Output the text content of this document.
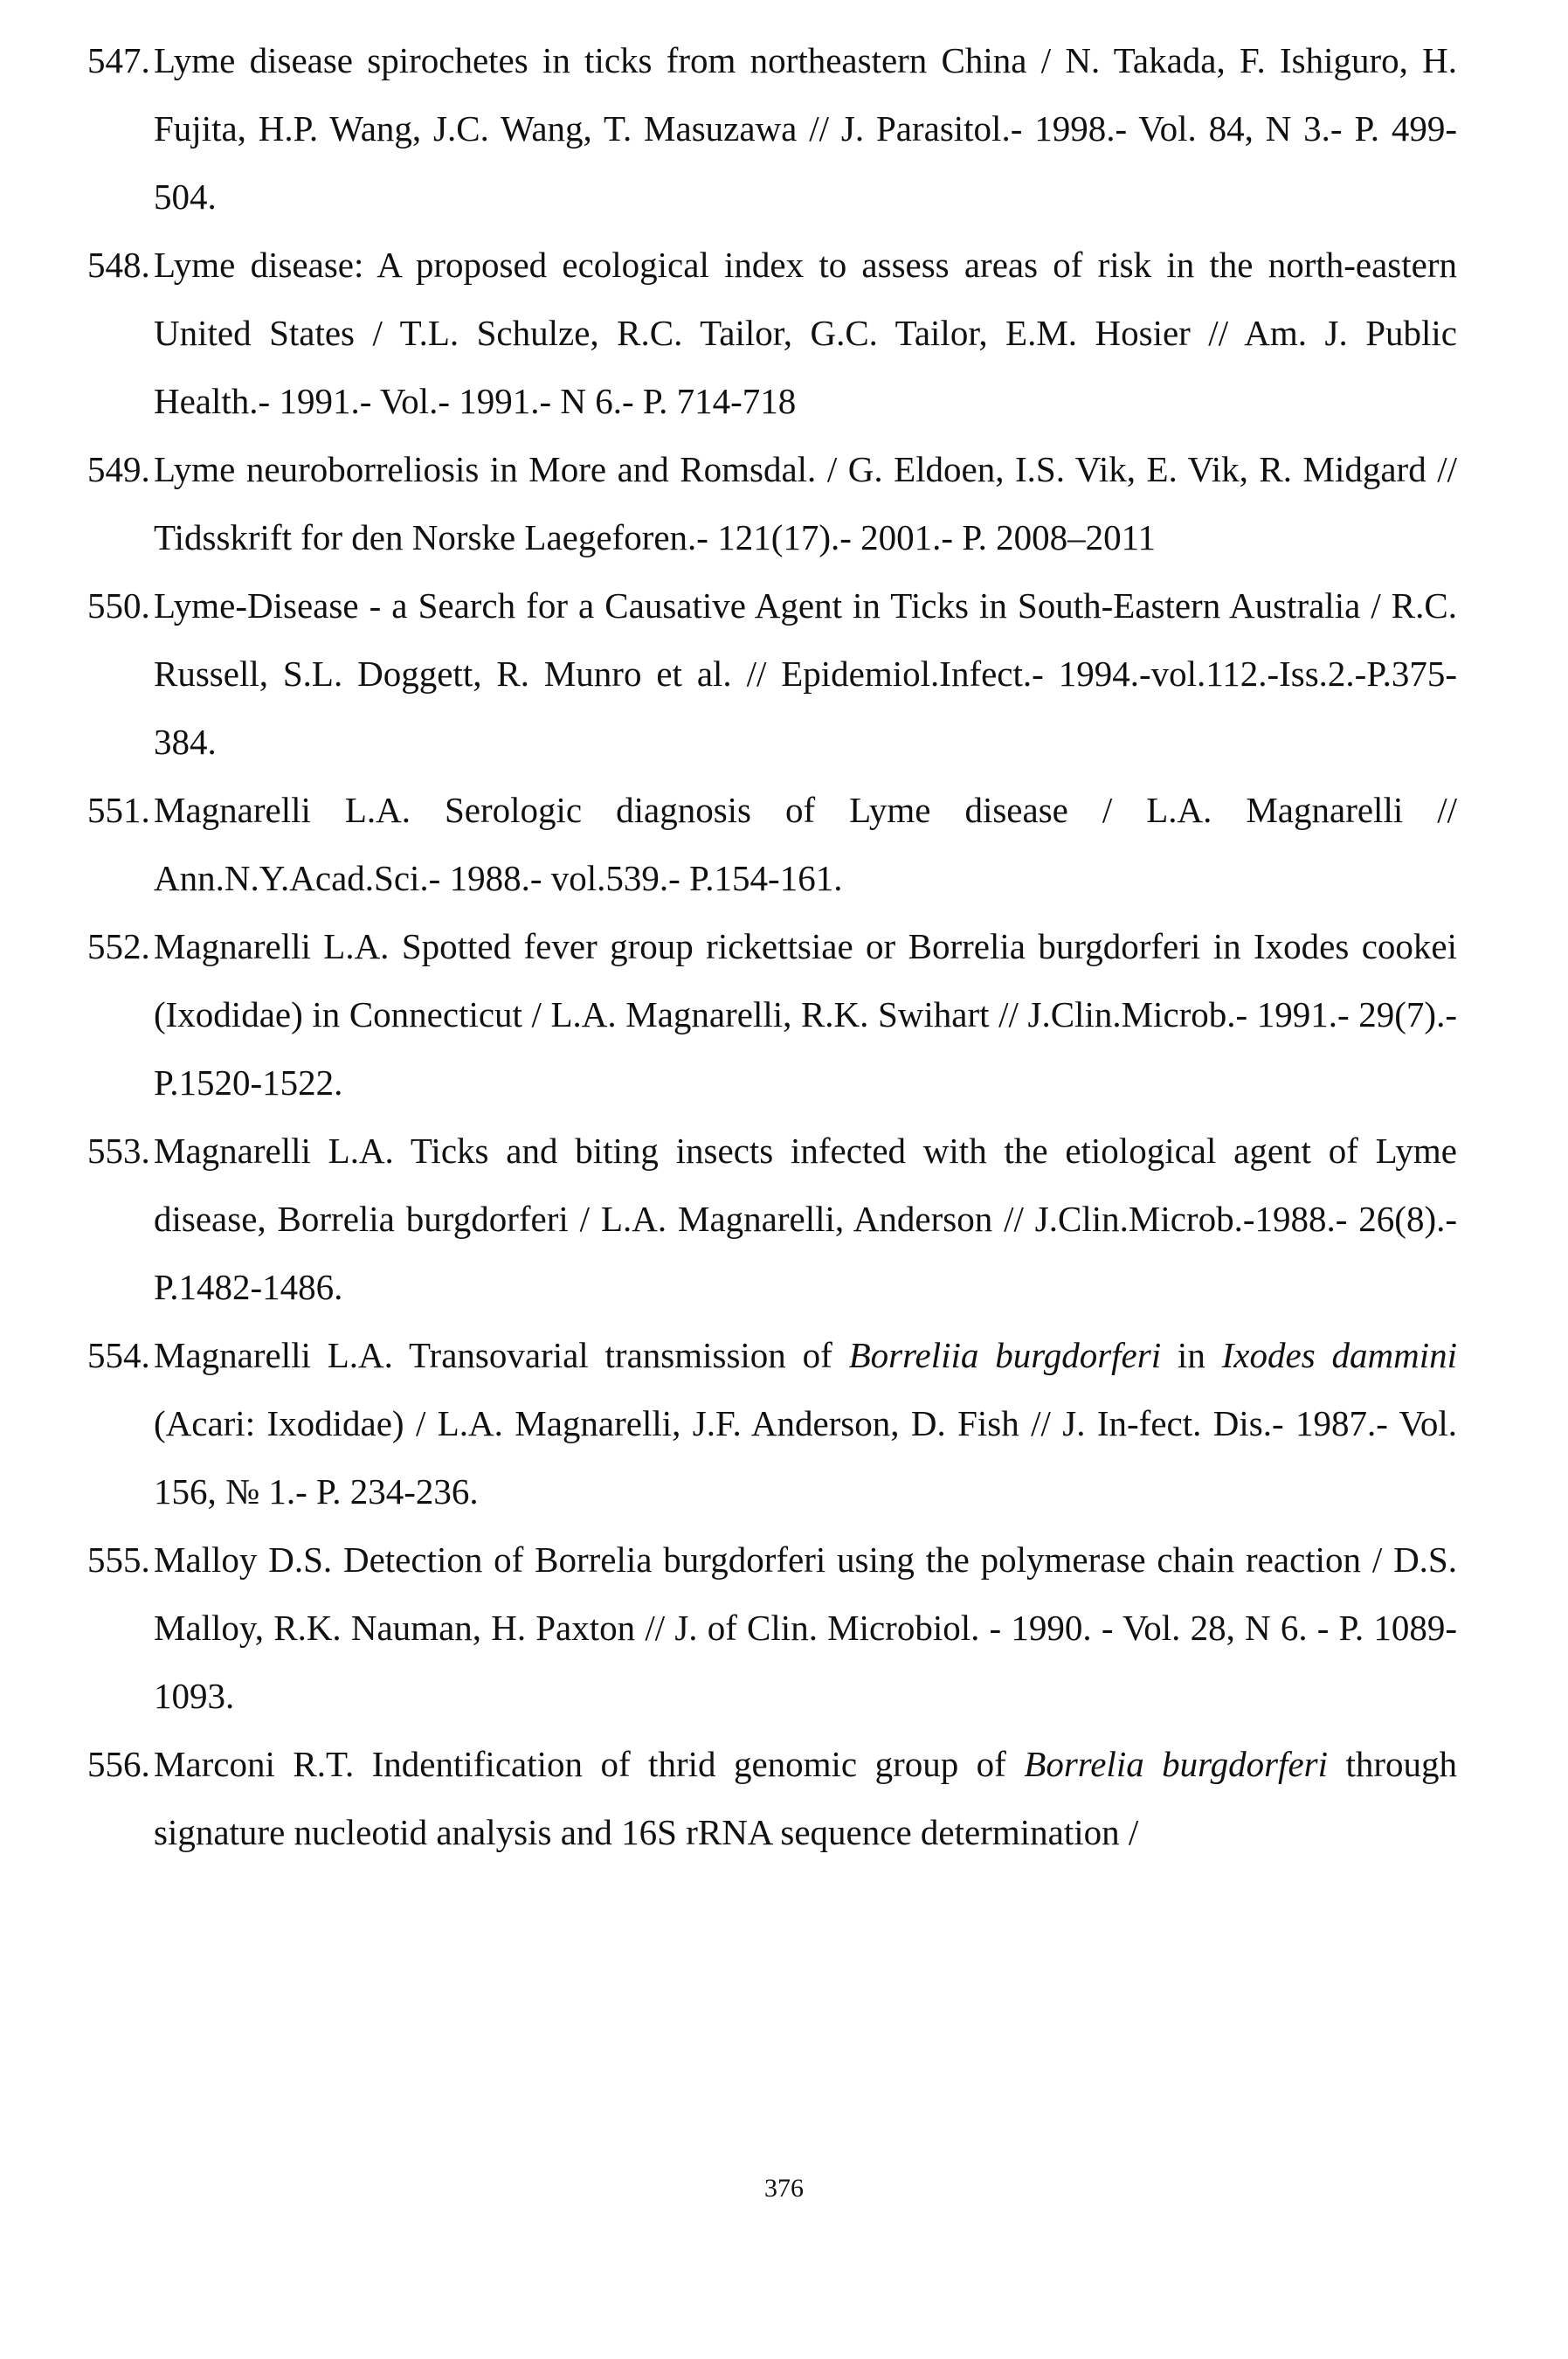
547. Lyme disease spirochetes in ticks from northeastern China / N. Takada, F. Ishiguro, H. Fujita, H.P. Wang, J.C. Wang, T. Masuzawa // J. Parasitol.- 1998.- Vol. 84, N 3.- P. 499-504.
548. Lyme disease: A proposed ecological index to assess areas of risk in the north-eastern United States / T.L. Schulze, R.C. Tailor, G.C. Tailor, E.M. Hosier // Am. J. Public Health.- 1991.- Vol.- 1991.- N 6.- P. 714-718
549. Lyme neuroborreliosis in More and Romsdal. / G. Eldoen, I.S. Vik, E. Vik, R. Midgard // Tidsskrift for den Norske Laegeforen.- 121(17).- 2001.- P. 2008–2011
550. Lyme-Disease - a Search for a Causative Agent in Ticks in South-Eastern Australia / R.C. Russell, S.L. Doggett, R. Munro et al. // Epidemiol.Infect.- 1994.-vol.112.-Iss.2.-P.375-384.
551. Magnarelli L.A. Serologic diagnosis of Lyme disease / L.A. Magnarelli // Ann.N.Y.Acad.Sci.- 1988.- vol.539.- P.154-161.
552. Magnarelli L.A. Spotted fever group rickettsiae or Borrelia burgdorferi in Ixodes cookei (Ixodidae) in Connecticut / L.A. Magnarelli, R.K. Swihart // J.Clin.Microb.- 1991.- 29(7).- P.1520-1522.
553. Magnarelli L.A. Ticks and biting insects infected with the etiological agent of Lyme disease, Borrelia burgdorferi / L.A. Magnarelli, Anderson // J.Clin.Microb.-1988.- 26(8).- P.1482-1486.
554. Magnarelli L.A. Transovarial transmission of Borreliia burgdorferi in Ixodes dammini (Acari: Ixodidae) / L.A. Magnarelli, J.F. Anderson, D. Fish // J. In-fect. Dis.- 1987.- Vol. 156, № 1.- P. 234-236.
555. Malloy D.S. Detection of Borrelia burgdorferi using the polymerase chain reaction / D.S. Malloy, R.K. Nauman, H. Paxton // J. of Clin. Microbiol. - 1990. - Vol. 28, N 6. - P. 1089-1093.
556. Marconi R.T. Indentification of thrid genomic group of Borrelia burgdorferi through signature nucleotid analysis and 16S rRNA sequence determination /
376
